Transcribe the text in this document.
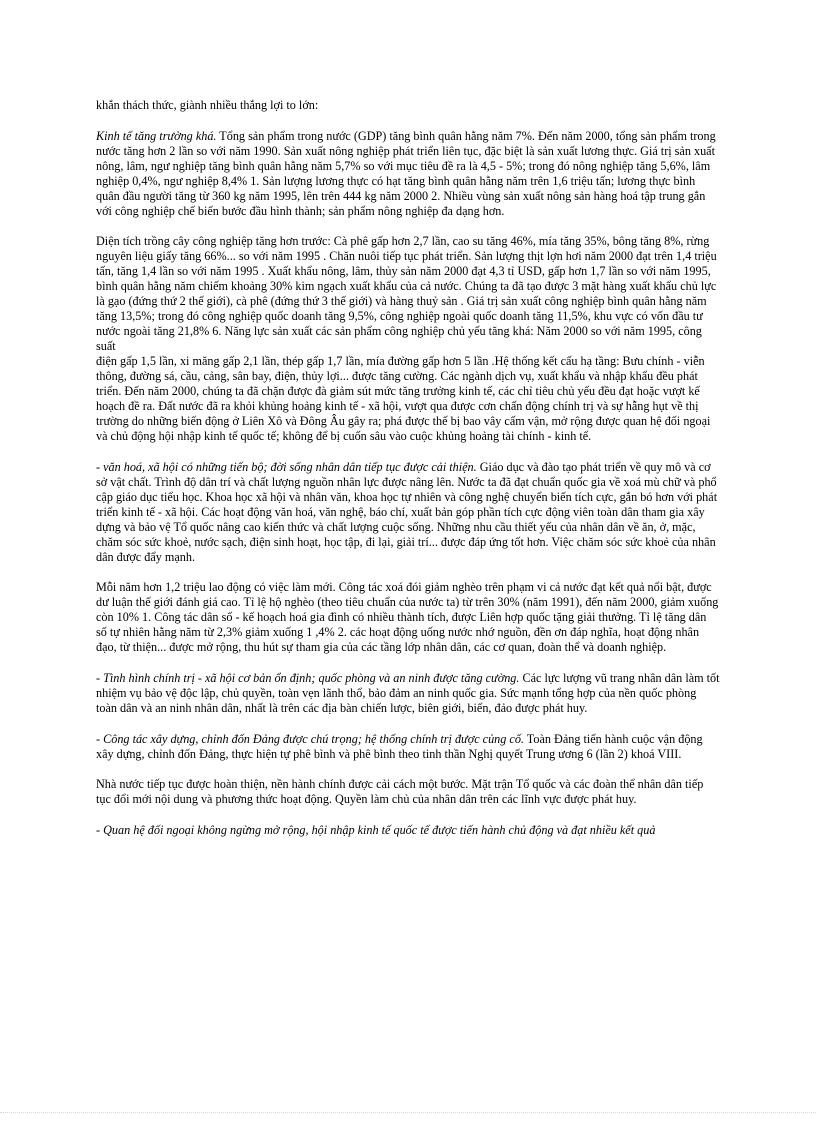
khắn thách thức, giành nhiều thắng lợi to lớn:

Kinh tế tăng trưởng khá. Tổng sản phẩm trong nước (GDP) tăng bình quân hằng năm 7%. Đến năm 2000, tổng sản phẩm trong nước tăng hơn 2 lần so với năm 1990. Sản xuất nông nghiệp phát triển liên tục, đặc biệt là sản xuất lương thực. Giá trị sản xuất nông, lâm, ngư nghiệp tăng bình quân hằng năm 5,7% so với mục tiêu đề ra là 4,5 - 5%; trong đó nông nghiệp tăng 5,6%, lâm nghiệp 0,4%, ngư nghiệp 8,4% 1. Sản lượng lương thực có hạt tăng bình quân hằng năm trên 1,6 triệu tấn; lương thực bình quân đầu người tăng từ 360 kg năm 1995, lên trên 444 kg năm 2000 2. Nhiều vùng sản xuất nông sản hàng hoá tập trung gắn với công nghiệp chế biến bước đầu hình thành; sản phẩm nông nghiệp đa dạng hơn.

Diện tích trồng cây công nghiệp tăng hơn trước: Cà phê gấp hơn 2,7 lần, cao su tăng 46%, mía tăng 35%, bông tăng 8%, rừng nguyên liệu giấy tăng 66%... so với năm 1995 . Chăn nuôi tiếp tục phát triển. Sản lượng thịt lợn hơi năm 2000 đạt trên 1,4 triệu tấn, tăng 1,4 lần so với năm 1995 . Xuất khẩu nông, lâm, thủy sản năm 2000 đạt 4,3 tỉ USD, gấp hơn 1,7 lần so với năm 1995, bình quân hằng năm chiếm khoảng 30% kim ngạch xuất khẩu của cả nước. Chúng ta đã tạo được 3 mặt hàng xuất khẩu chủ lực là gạo (đứng thứ 2 thế giới), cà phê (đứng thứ 3 thế giới) và hàng thuỷ sản . Giá trị sản xuất công nghiệp bình quân hằng năm tăng 13,5%; trong đó công nghiệp quốc doanh tăng 9,5%, công nghiệp ngoài quốc doanh tăng 11,5%, khu vực có vốn đầu tư nước ngoài tăng 21,8% 6. Năng lực sản xuất các sản phẩm công nghiệp chủ yếu tăng khá: Năm 2000 so với năm 1995, công suất

điện gấp 1,5 lần, xi măng gấp 2,1 lần, thép gấp 1,7 lần, mía đường gấp hơn 5 lần .Hệ thống kết cấu hạ tầng: Bưu chính - viễn thông, đường sá, cầu, cảng, sân bay, điện, thủy lợi... được tăng cường. Các ngành dịch vụ, xuất khẩu và nhập khẩu đều phát triển. Đến năm 2000, chúng ta đã chặn được đà giảm sút mức tăng trưởng kinh tế, các chỉ tiêu chủ yếu đều đạt hoặc vượt kế hoạch đề ra. Đất nước đã ra khỏi khủng hoảng kinh tế - xã hội, vượt qua được cơn chấn động chính trị và sự hẫng hụt về thị trường do những biến động ở Liên Xô và Đông Âu gây ra; phá được thế bị bao vây cấm vận, mở rộng được quan hệ đối ngoại và chủ động hội nhập kinh tế quốc tế; không để bị cuốn sâu vào cuộc khủng hoảng tài chính - kinh tế.

- văn hoá, xã hội có những tiến bộ; đời sống nhân dân tiếp tục được cải thiện. Giáo dục và đào tạo phát triển về quy mô và cơ sở vật chất. Trình độ dân trí và chất lượng nguồn nhân lực được nâng lên. Nước ta đã đạt chuẩn quốc gia về xoá mù chữ và phổ cập giáo dục tiểu học. Khoa học xã hội và nhân văn, khoa học tự nhiên và công nghệ chuyển biến tích cực, gắn bó hơn với phát triển kinh tế - xã hội. Các hoạt động văn hoá, văn nghệ, báo chí, xuất bản góp phần tích cực động viên toàn dân tham gia xây dựng và bảo vệ Tổ quốc nâng cao kiến thức và chất lượng cuộc sống. Những nhu cầu thiết yếu của nhân dân về ăn, ở, mặc, chăm sóc sức khoẻ, nước sạch, điện sinh hoạt, học tập, đi lại, giải trí... được đáp ứng tốt hơn. Việc chăm sóc sức khoẻ của nhân dân được đẩy mạnh.

Mỗi năm hơn 1,2 triệu lao động có việc làm mới. Công tác xoá đói giảm nghèo trên phạm vi cả nước đạt kết quả nổi bật, được dư luận thế giới đánh giá cao. Tỉ lệ hộ nghèo (theo tiêu chuẩn của nước ta) từ trên 30% (năm 1991), đến năm 2000, giảm xuống còn 10% 1. Công tác dân số - kế hoạch hoá gia đình có nhiều thành tích, được Liên hợp quốc tặng giải thưởng. Tỉ lệ tăng dân số tự nhiên hằng năm từ 2,3% giảm xuống 1 ,4% 2. các hoạt động uống nước nhớ nguồn, đền ơn đáp nghĩa, hoạt động nhân đạo, từ thiện... được mở rộng, thu hút sự tham gia của các tầng lớp nhân dân, các cơ quan, đoàn thể và doanh nghiệp.

- Tình hình chính trị - xã hội cơ bản ổn định; quốc phòng và an ninh được tăng cường. Các lực lượng vũ trang nhân dân làm tốt nhiệm vụ bảo vệ độc lập, chủ quyền, toàn vẹn lãnh thổ, bảo đảm an ninh quốc gia. Sức mạnh tổng hợp của nền quốc phòng toàn dân và an ninh nhân dân, nhất là trên các địa bàn chiến lược, biên giới, biển, đảo được phát huy.

- Công tác xây dựng, chỉnh đốn Đảng được chú trọng; hệ thống chính trị được củng cố. Toàn Đảng tiến hành cuộc vận động xây dựng, chỉnh đốn Đảng, thực hiện tự phê bình và phê bình theo tinh thần Nghị quyết Trung ương 6 (lần 2) khoá VIII.

Nhà nước tiếp tục được hoàn thiện, nền hành chính được cải cách một bước. Mặt trận Tổ quốc và các đoàn thể nhân dân tiếp tục đổi mới nội dung và phương thức hoạt động. Quyền làm chủ của nhân dân trên các lĩnh vực được phát huy.

- Quan hệ đối ngoại không ngừng mở rộng, hội nhập kinh tế quốc tế được tiến hành chủ động và đạt nhiều kết quả
